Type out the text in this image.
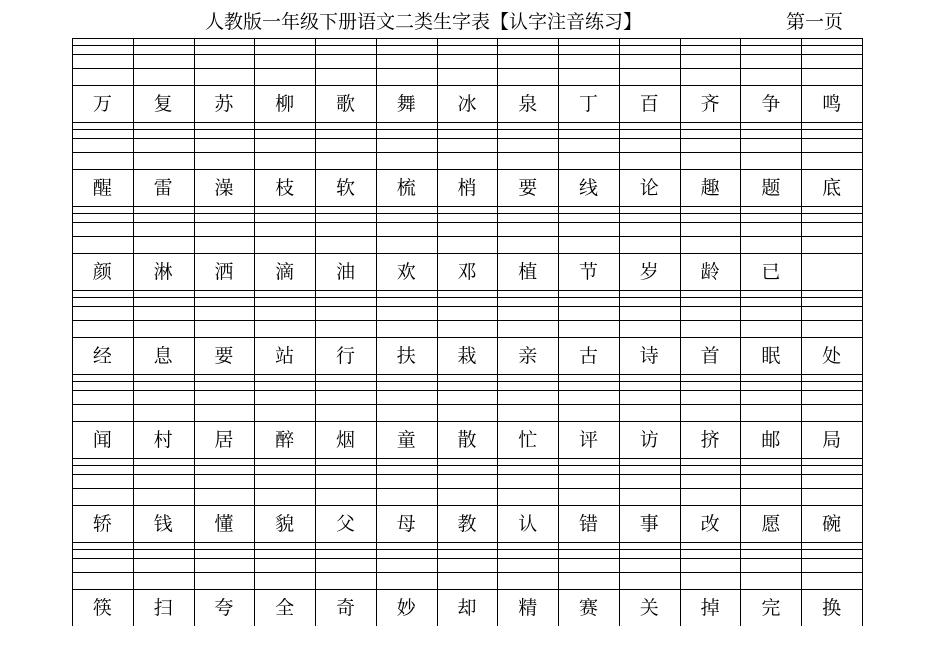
人教版一年级下册语文二类生字表【认字注音练习】	第一页
万	复	苏	柳	歌	舞	冰	泉	丁	百	齐	争	鸣
醒	雷	澡	枝	软	梳	梢	要	线	论	趣	题	底
颜	淋	洒	滴	油	欢	邓	植	节	岁	龄	已
经	息	要	站	行	扶	栽	亲	古	诗	首	眠	处
闻	村	居	醉	烟	童	散	忙	评	访	挤	邮	局
轿	钱	懂	貌	父	母	教	认	错	事	改	愿	碗
筷	扫	夸	全	奇	妙	却	精	赛	关	掉	完	换
